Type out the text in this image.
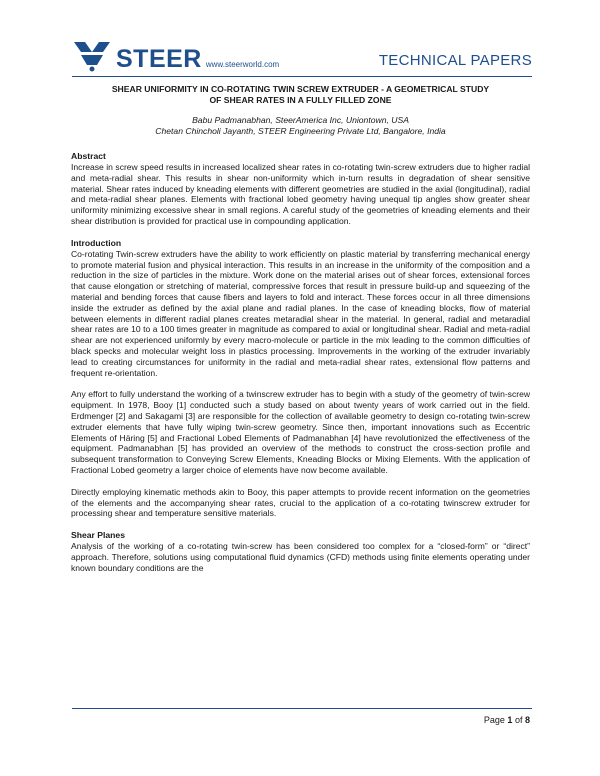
STEER www.steerworld.com	TECHNICAL PAPERS
SHEAR UNIFORMITY IN CO-ROTATING TWIN SCREW EXTRUDER - A GEOMETRICAL STUDY
OF SHEAR RATES IN A FULLY FILLED ZONE
Babu Padmanabhan, SteerAmerica Inc, Uniontown, USA
Chetan Chincholi Jayanth, STEER Engineering Private Ltd, Bangalore, India
Abstract

Increase in screw speed results in increased localized shear rates in co-rotating twin-screw extruders due to higher radial and meta-radial shear. This results in shear non-uniformity which in-turn results in degradation of shear sensitive material. Shear rates induced by kneading elements with different geometries are studied in the axial (longitudinal), radial and meta-radial shear planes. Elements with fractional lobed geometry having unequal tip angles show greater shear uniformity minimizing excessive shear in small regions. A careful study of the geometries of kneading elements and their shear distribution is provided for practical use in compounding application.

Introduction

Co-rotating Twin-screw extruders have the ability to work efficiently on plastic material by transferring mechanical energy to promote material fusion and physical interaction. This results in an increase in the uniformity of the composition and a reduction in the size of particles in the mixture. Work done on the material arises out of shear forces, extensional forces that cause elongation or stretching of material, compressive forces that result in pressure build-up and squeezing of the material and bending forces that cause fibers and layers to fold and interact. These forces occur in all three dimensions inside the extruder as defined by the axial plane and radial planes. In the case of kneading blocks, flow of material between elements in different radial planes creates metaradial shear in the material. In general, radial and metaradial shear rates are 10 to a 100 times greater in magnitude as compared to axial or longitudinal shear. Radial and meta-radial shear are not experienced uniformly by every macro-molecule or particle in the mix leading to the common difficulties of black specks and molecular weight loss in plastics processing. Improvements in the working of the extruder invariably lead to creating circumstances for uniformity in the radial and meta-radial shear rates, extensional flow patterns and frequent re-orientation.

Any effort to fully understand the working of a twinscrew extruder has to begin with a study of the geometry of twin-screw equipment. In 1978, Booy [1] conducted such a study based on about twenty years of work carried out in the field. Erdmenger [2] and Sakagami [3] are responsible for the collection of available geometry to design co-rotating twin-screw extruder elements that have fully wiping twin-screw geometry. Since then, important innovations such as Eccentric Elements of Häring [5] and Fractional Lobed Elements of Padmanabhan [4] have revolutionized the effectiveness of the equipment. Padmanabhan [5] has provided an overview of the methods to construct the cross-section profile and subsequent transformation to Conveying Screw Elements, Kneading Blocks or Mixing Elements. With the application of Fractional Lobed geometry a larger choice of elements have now become available.

Directly employing kinematic methods akin to Booy, this paper attempts to provide recent information on the geometries of the elements and the accompanying shear rates, crucial to the application of a co-rotating twinscrew extruder for processing shear and temperature sensitive materials.

Shear Planes

Analysis of the working of a co-rotating twin-screw has been considered too complex for a “closed-form” or “direct” approach. Therefore, solutions using computational fluid dynamics (CFD) methods using finite elements operating under known boundary conditions are the

Page 1 of 8
